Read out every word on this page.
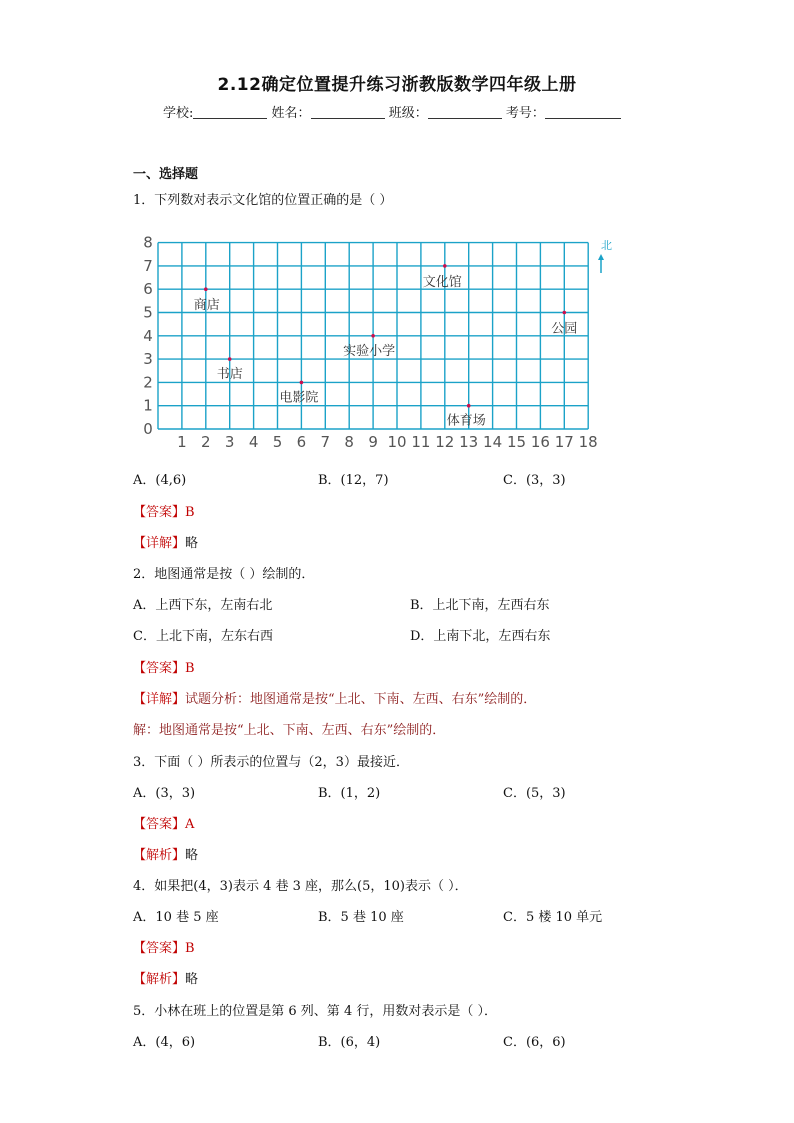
2.12确定位置提升练习浙教版数学四年级上册
学校:	姓名：	班级：	考号：
一、选择题
1．下列数对表示文化馆的位置正确的是（ ）
0
1
2
3
4
5
6
7
8
1 2 3 4 5 6 7 8 9 10 11 12 13 14 15 16 17 18
商店
书店
电影院
实验小学
文化馆
体育场
公园
北
A．(4,6)	B．(12，7)	C．(3，3)
【答案】B
【详解】略
2．地图通常是按（ ）绘制的．
A．上西下东，左南右北	B．上北下南，左西右东
C．上北下南，左东右西	D．上南下北，左西右东
【答案】B
【详解】试题分析：地图通常是按“上北、下南、左西、右东”绘制的．
解：地图通常是按“上北、下南、左西、右东”绘制的．
3．下面（ ）所表示的位置与（2，3）最接近．
A．(3，3)	B．(1，2)	C．(5，3)
【答案】A
【解析】略
4．如果把(4，3)表示 4 巷 3 座，那么(5，10)表示（ ）．
A．10 巷 5 座	B．5 巷 10 座	C．5 楼 10 单元
【答案】B
【解析】略
5．小林在班上的位置是第 6 列、第 4 行，用数对表示是（ ）．
A．(4，6)	B．(6，4)	C．(6，6)
